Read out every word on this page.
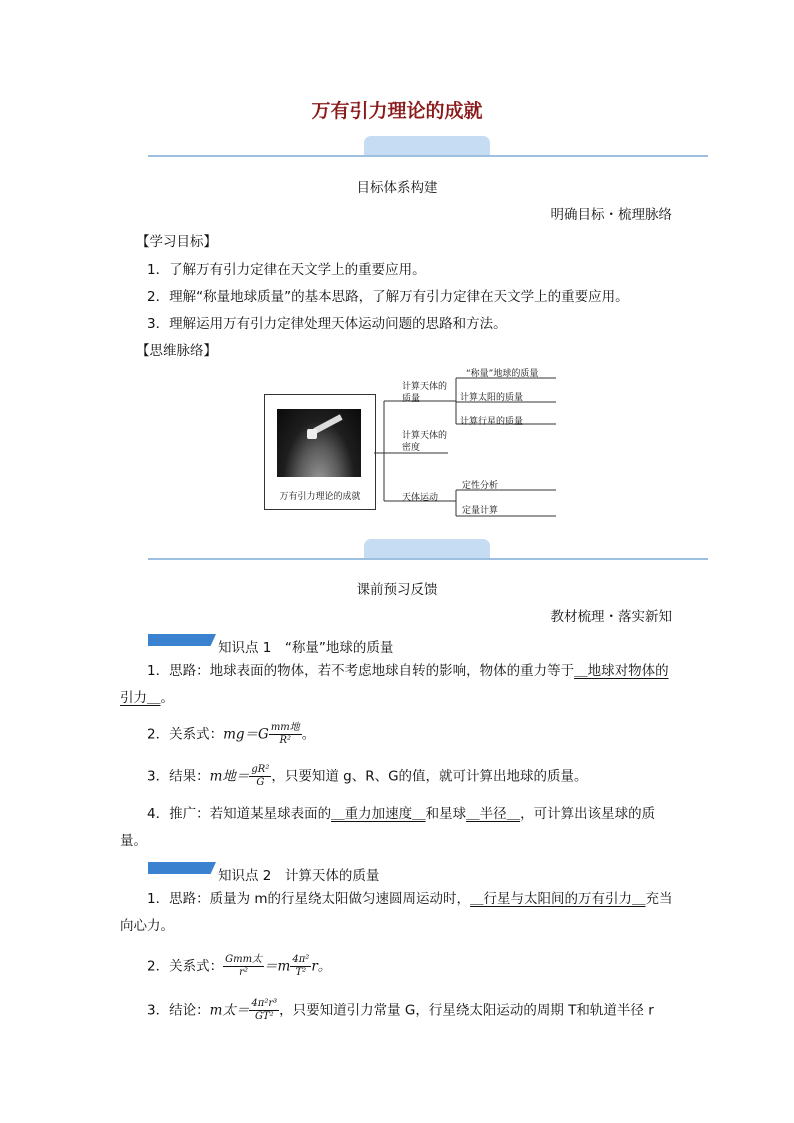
万有引力理论的成就
目标体系构建
明确目标・梳理脉络
【学习目标】
1．了解万有引力定律在天文学上的重要应用。
2．理解“称量地球质量”的基本思路，了解万有引力定律在天文学上的重要应用。
3．理解运用万有引力定律处理天体运动问题的思路和方法。
【思维脉络】
万有引力理论的成就
计算天体的质量
计算天体的密度
天体运动
“称量”地球的质量
计算太阳的质量
计算行星的质量
定性分析
定量计算
课前预习反馈
教材梳理・落实新知
知识点 1　“称量”地球的质量
1．思路：地球表面的物体，若不考虑地球自转的影响，物体的重力等于＿地球对物体的引力＿。
2．关系式：$mg=G \frac{\text{mm地}}{\text{R²}}$ 。
3．结果：m地＝ $\frac{\text{gR²}}{G}$ ，只要知道 g、R、G的值，就可计算出地球的质量。
4．推广：若知道某星球表面的＿重力加速度＿和星球＿半径＿，可计算出该星球的质量。
知识点 2　计算天体的质量
1．思路：质量为 m的行星绕太阳做匀速圆周运动时，＿行星与太阳间的万有引力＿充当向心力。
2．关系式： $\frac{\text{Gmm太}}{\text{r²}} =m \frac{\text{4π²}}{\text{T²}}$ r。
3．结论：m太＝ $\frac{\text{4π²r³}}{\text{GT²}}$ ，只要知道引力常量 G，行星绕太阳运动的周期 T和轨道半径 r
